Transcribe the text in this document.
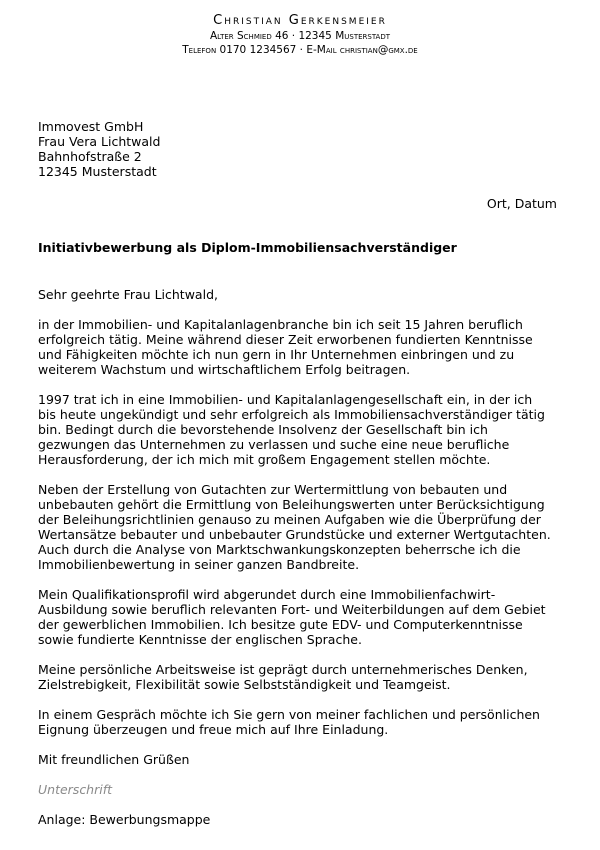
Christian Gerkensmeier
Alter Schmied 46 · 12345 Musterstadt
Telefon 0170 1234567 · E-Mail christian@gmx.de
Immovest GmbH
Frau Vera Lichtwald
Bahnhofstraße 2
12345 Musterstadt
Ort, Datum
Initiativbewerbung als Diplom-Immobiliensachverständiger

Sehr geehrte Frau Lichtwald,

in der Immobilien- und Kapitalanlagenbranche bin ich seit 15 Jahren beruflich
erfolgreich tätig. Meine während dieser Zeit erworbenen fundierten Kenntnisse
und Fähigkeiten möchte ich nun gern in Ihr Unternehmen einbringen und zu
weiterem Wachstum und wirtschaftlichem Erfolg beitragen.

1997 trat ich in eine Immobilien- und Kapitalanlagengesellschaft ein, in der ich
bis heute ungekündigt und sehr erfolgreich als Immobiliensachverständiger tätig
bin. Bedingt durch die bevorstehende Insolvenz der Gesellschaft bin ich
gezwungen das Unternehmen zu verlassen und suche eine neue berufliche
Herausforderung, der ich mich mit großem Engagement stellen möchte.

Neben der Erstellung von Gutachten zur Wertermittlung von bebauten und
unbebauten gehört die Ermittlung von Beleihungswerten unter Berücksichtigung
der Beleihungsrichtlinien genauso zu meinen Aufgaben wie die Überprüfung der
Wertansätze bebauter und unbebauter Grundstücke und externer Wertgutachten.
Auch durch die Analyse von Marktschwankungskonzepten beherrsche ich die
Immobilienbewertung in seiner ganzen Bandbreite.

Mein Qualifikationsprofil wird abgerundet durch eine Immobilienfachwirt-
Ausbildung sowie beruflich relevanten Fort- und Weiterbildungen auf dem Gebiet
der gewerblichen Immobilien. Ich besitze gute EDV- und Computerkenntnisse
sowie fundierte Kenntnisse der englischen Sprache.

Meine persönliche Arbeitsweise ist geprägt durch unternehmerisches Denken,
Zielstrebigkeit, Flexibilität sowie Selbstständigkeit und Teamgeist.

In einem Gespräch möchte ich Sie gern von meiner fachlichen und persönlichen
Eignung überzeugen und freue mich auf Ihre Einladung.

Mit freundlichen Grüßen

Unterschrift

Anlage: Bewerbungsmappe
